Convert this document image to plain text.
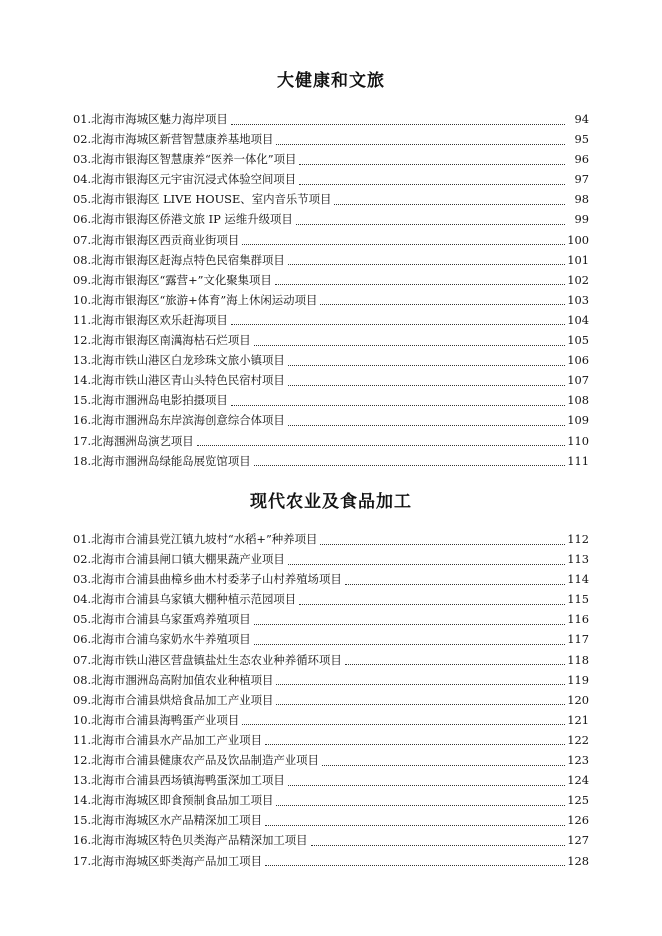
大健康和文旅
01. 北海市海城区魅力海岸项目	94
02. 北海市海城区新营智慧康养基地项目	95
03. 北海市银海区智慧康养“医养一体化”项目	96
04. 北海市银海区元宇宙沉浸式体验空间项目	97
05. 北海市银海区 LIVE HOUSE、室内音乐节项目	98
06. 北海市银海区侨港文旅 IP 运维升级项目	99
07. 北海市银海区西贡商业街项目	100
08. 北海市银海区赶海点特色民宿集群项目	101
09. 北海市银海区“露营+”文化聚集项目	102
10. 北海市银海区“旅游+体育”海上休闲运动项目	103
11. 北海市银海区欢乐赶海项目	104
12. 北海市银海区南澫海枯石烂项目	105
13. 北海市铁山港区白龙珍珠文旅小镇项目	106
14. 北海市铁山港区青山头特色民宿村项目	107
15. 北海市涠洲岛电影拍摄项目	108
16. 北海市涠洲岛东岸滨海创意综合体项目	109
17. 北海涠洲岛演艺项目	110
18. 北海市涠洲岛绿能岛展览馆项目	111
现代农业及食品加工
01. 北海市合浦县党江镇九坡村“水稻+”种养项目	112
02. 北海市合浦县闸口镇大棚果蔬产业项目	113
03. 北海市合浦县曲樟乡曲木村委茅子山村养殖场项目	114
04. 北海市合浦县乌家镇大棚种植示范园项目	115
05. 北海市合浦县乌家蛋鸡养殖项目	116
06. 北海市合浦乌家奶水牛养殖项目	117
07. 北海市铁山港区营盘镇盐灶生态农业种养循环项目	118
08. 北海市涠洲岛高附加值农业种植项目	119
09. 北海市合浦县烘焙食品加工产业项目	120
10. 北海市合浦县海鸭蛋产业项目	121
11. 北海市合浦县水产品加工产业项目	122
12. 北海市合浦县健康农产品及饮品制造产业项目	123
13. 北海市合浦县西场镇海鸭蛋深加工项目	124
14. 北海市海城区即食预制食品加工项目	125
15. 北海市海城区水产品精深加工项目	126
16. 北海市海城区特色贝类海产品精深加工项目	127
17. 北海市海城区虾类海产品加工项目	128
